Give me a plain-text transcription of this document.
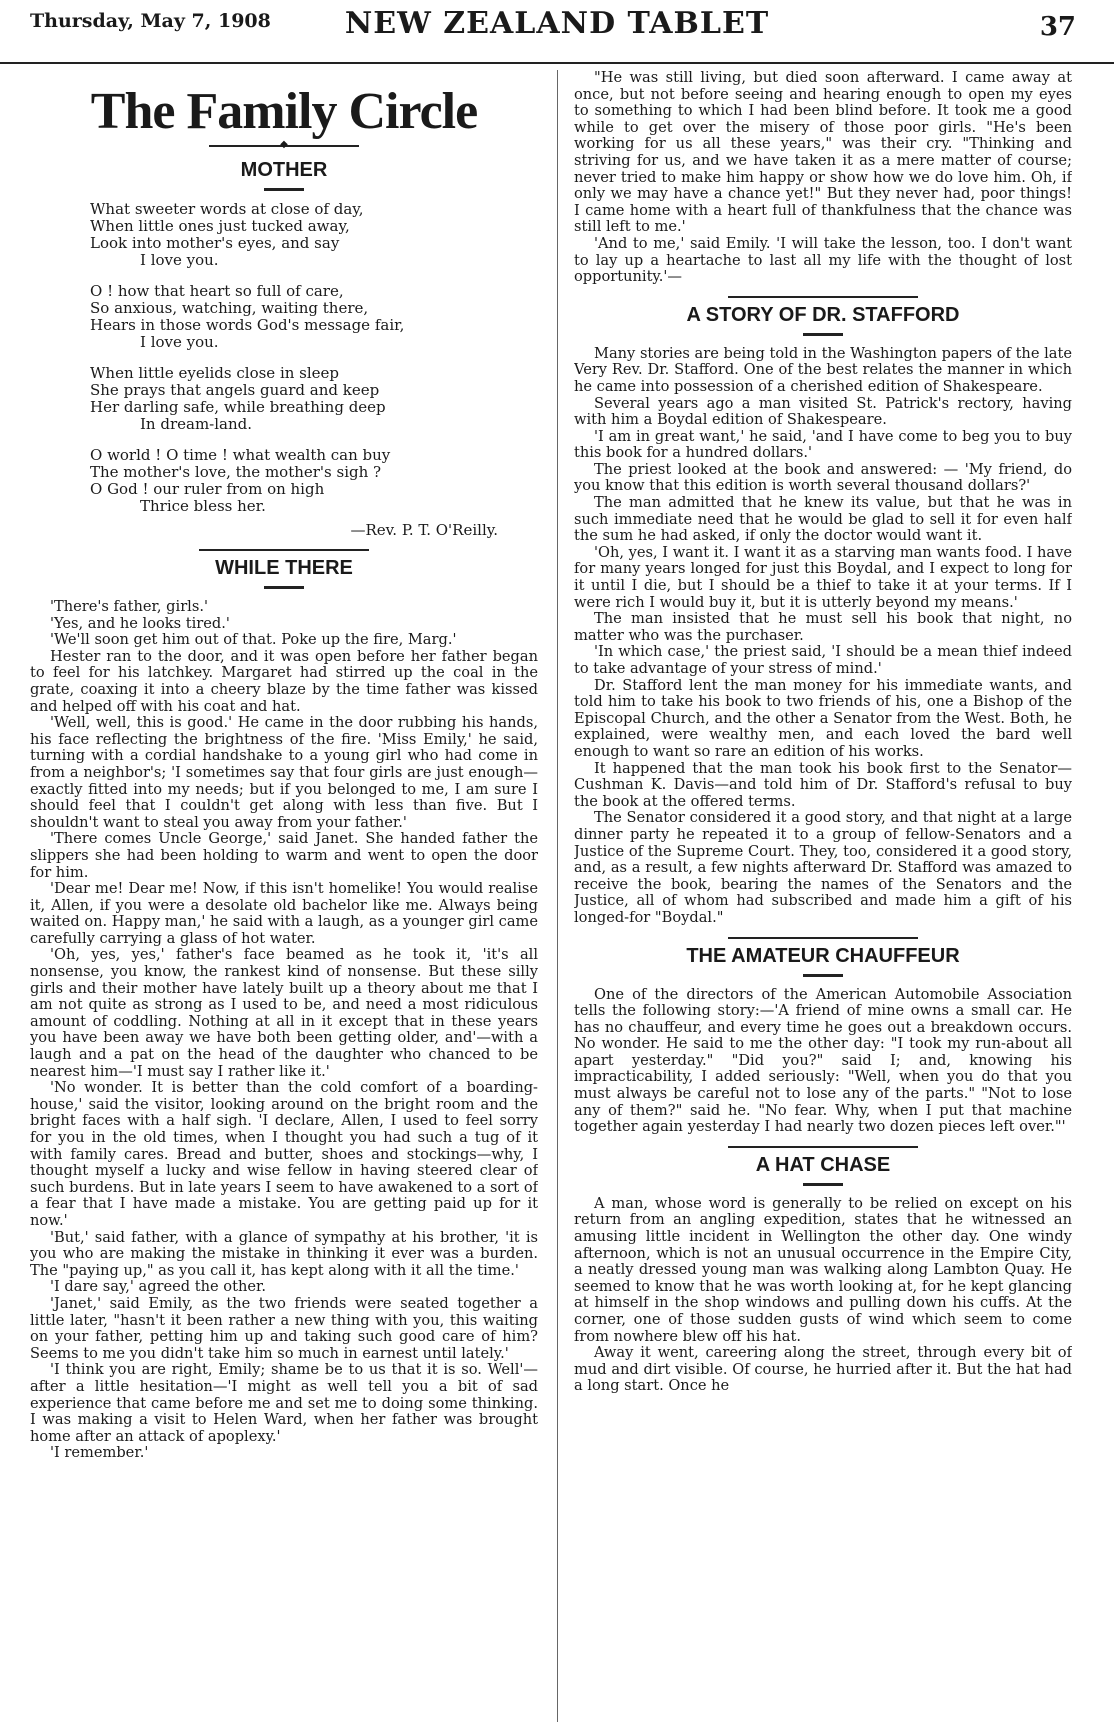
Thursday, May 7, 1908	NEW ZEALAND TABLET	37
The Family Circle
◆
MOTHER
What sweeter words at close of day,
When little ones just tucked away,
Look into mother's eyes, and say
I love you.
O ! how that heart so full of care,
So anxious, watching, waiting there,
Hears in those words God's message fair,
I love you.
When little eyelids close in sleep
She prays that angels guard and keep
Her darling safe, while breathing deep
In dream-land.
O world ! O time ! what wealth can buy
The mother's love, the mother's sigh ?
O God ! our ruler from on high
Thrice bless her.
—Rev. P. T. O'Reilly.
WHILE THERE

'There's father, girls.'

'Yes, and he looks tired.'

'We'll soon get him out of that. Poke up the fire, Marg.'

Hester ran to the door, and it was open before her father began to feel for his latchkey. Margaret had stirred up the coal in the grate, coaxing it into a cheery blaze by the time father was kissed and helped off with his coat and hat.

'Well, well, this is good.' He came in the door rubbing his hands, his face reflecting the brightness of the fire. 'Miss Emily,' he said, turning with a cordial handshake to a young girl who had come in from a neighbor's; 'I sometimes say that four girls are just enough—exactly fitted into my needs; but if you belonged to me, I am sure I should feel that I couldn't get along with less than five. But I shouldn't want to steal you away from your father.'

'There comes Uncle George,' said Janet. She handed father the slippers she had been holding to warm and went to open the door for him.

'Dear me! Dear me! Now, if this isn't homelike! You would realise it, Allen, if you were a desolate old bachelor like me. Always being waited on. Happy man,' he said with a laugh, as a younger girl came carefully carrying a glass of hot water.

'Oh, yes, yes,' father's face beamed as he took it, 'it's all nonsense, you know, the rankest kind of nonsense. But these silly girls and their mother have lately built up a theory about me that I am not quite as strong as I used to be, and need a most ridiculous amount of coddling. Nothing at all in it except that in these years you have been away we have both been getting older, and'—with a laugh and a pat on the head of the daughter who chanced to be nearest him—'I must say I rather like it.'

'No wonder. It is better than the cold comfort of a boarding-house,' said the visitor, looking around on the bright room and the bright faces with a half sigh. 'I declare, Allen, I used to feel sorry for you in the old times, when I thought you had such a tug of it with family cares. Bread and butter, shoes and stockings—why, I thought myself a lucky and wise fellow in having steered clear of such burdens. But in late years I seem to have awakened to a sort of a fear that I have made a mistake. You are getting paid up for it now.'

'But,' said father, with a glance of sympathy at his brother, 'it is you who are making the mistake in thinking it ever was a burden. The "paying up," as you call it, has kept along with it all the time.'

'I dare say,' agreed the other.

'Janet,' said Emily, as the two friends were seated together a little later, "hasn't it been rather a new thing with you, this waiting on your father, petting him up and taking such good care of him? Seems to me you didn't take him so much in earnest until lately.'

'I think you are right, Emily; shame be to us that it is so. Well'—after a little hesitation—'I might as well tell you a bit of sad experience that came before me and set me to doing some thinking. I was making a visit to Helen Ward, when her father was brought home after an attack of apoplexy.'

'I remember.'

"He was still living, but died soon afterward. I came away at once, but not before seeing and hearing enough to open my eyes to something to which I had been blind before. It took me a good while to get over the misery of those poor girls. "He's been working for us all these years," was their cry. "Thinking and striving for us, and we have taken it as a mere matter of course; never tried to make him happy or show how we do love him. Oh, if only we may have a chance yet!" But they never had, poor things! I came home with a heart full of thankfulness that the chance was still left to me.'

'And to me,' said Emily. 'I will take the lesson, too. I don't want to lay up a heartache to last all my life with the thought of lost opportunity.'—

A STORY OF DR. STAFFORD

Many stories are being told in the Washington papers of the late Very Rev. Dr. Stafford. One of the best relates the manner in which he came into possession of a cherished edition of Shakespeare.

Several years ago a man visited St. Patrick's rectory, having with him a Boydal edition of Shakespeare.

'I am in great want,' he said, 'and I have come to beg you to buy this book for a hundred dollars.'

The priest looked at the book and answered: — 'My friend, do you know that this edition is worth several thousand dollars?'

The man admitted that he knew its value, but that he was in such immediate need that he would be glad to sell it for even half the sum he had asked, if only the doctor would want it.

'Oh, yes, I want it. I want it as a starving man wants food. I have for many years longed for just this Boydal, and I expect to long for it until I die, but I should be a thief to take it at your terms. If I were rich I would buy it, but it is utterly beyond my means.'

The man insisted that he must sell his book that night, no matter who was the purchaser.

'In which case,' the priest said, 'I should be a mean thief indeed to take advantage of your stress of mind.'

Dr. Stafford lent the man money for his immediate wants, and told him to take his book to two friends of his, one a Bishop of the Episcopal Church, and the other a Senator from the West. Both, he explained, were wealthy men, and each loved the bard well enough to want so rare an edition of his works.

It happened that the man took his book first to the Senator—Cushman K. Davis—and told him of Dr. Stafford's refusal to buy the book at the offered terms.

The Senator considered it a good story, and that night at a large dinner party he repeated it to a group of fellow-Senators and a Justice of the Supreme Court. They, too, considered it a good story, and, as a result, a few nights afterward Dr. Stafford was amazed to receive the book, bearing the names of the Senators and the Justice, all of whom had subscribed and made him a gift of his longed-for "Boydal."

THE AMATEUR CHAUFFEUR

One of the directors of the American Automobile Association tells the following story:—'A friend of mine owns a small car. He has no chauffeur, and every time he goes out a breakdown occurs. No wonder. He said to me the other day: "I took my run-about all apart yesterday." "Did you?" said I; and, knowing his impracticability, I added seriously: "Well, when you do that you must always be careful not to lose any of the parts." "Not to lose any of them?" said he. "No fear. Why, when I put that machine together again yesterday I had nearly two dozen pieces left over."'

A HAT CHASE

A man, whose word is generally to be relied on except on his return from an angling expedition, states that he witnessed an amusing little incident in Wellington the other day. One windy afternoon, which is not an unusual occurrence in the Empire City, a neatly dressed young man was walking along Lambton Quay. He seemed to know that he was worth looking at, for he kept glancing at himself in the shop windows and pulling down his cuffs. At the corner, one of those sudden gusts of wind which seem to come from nowhere blew off his hat.

Away it went, careering along the street, through every bit of mud and dirt visible. Of course, he hurried after it. But the hat had a long start. Once he
